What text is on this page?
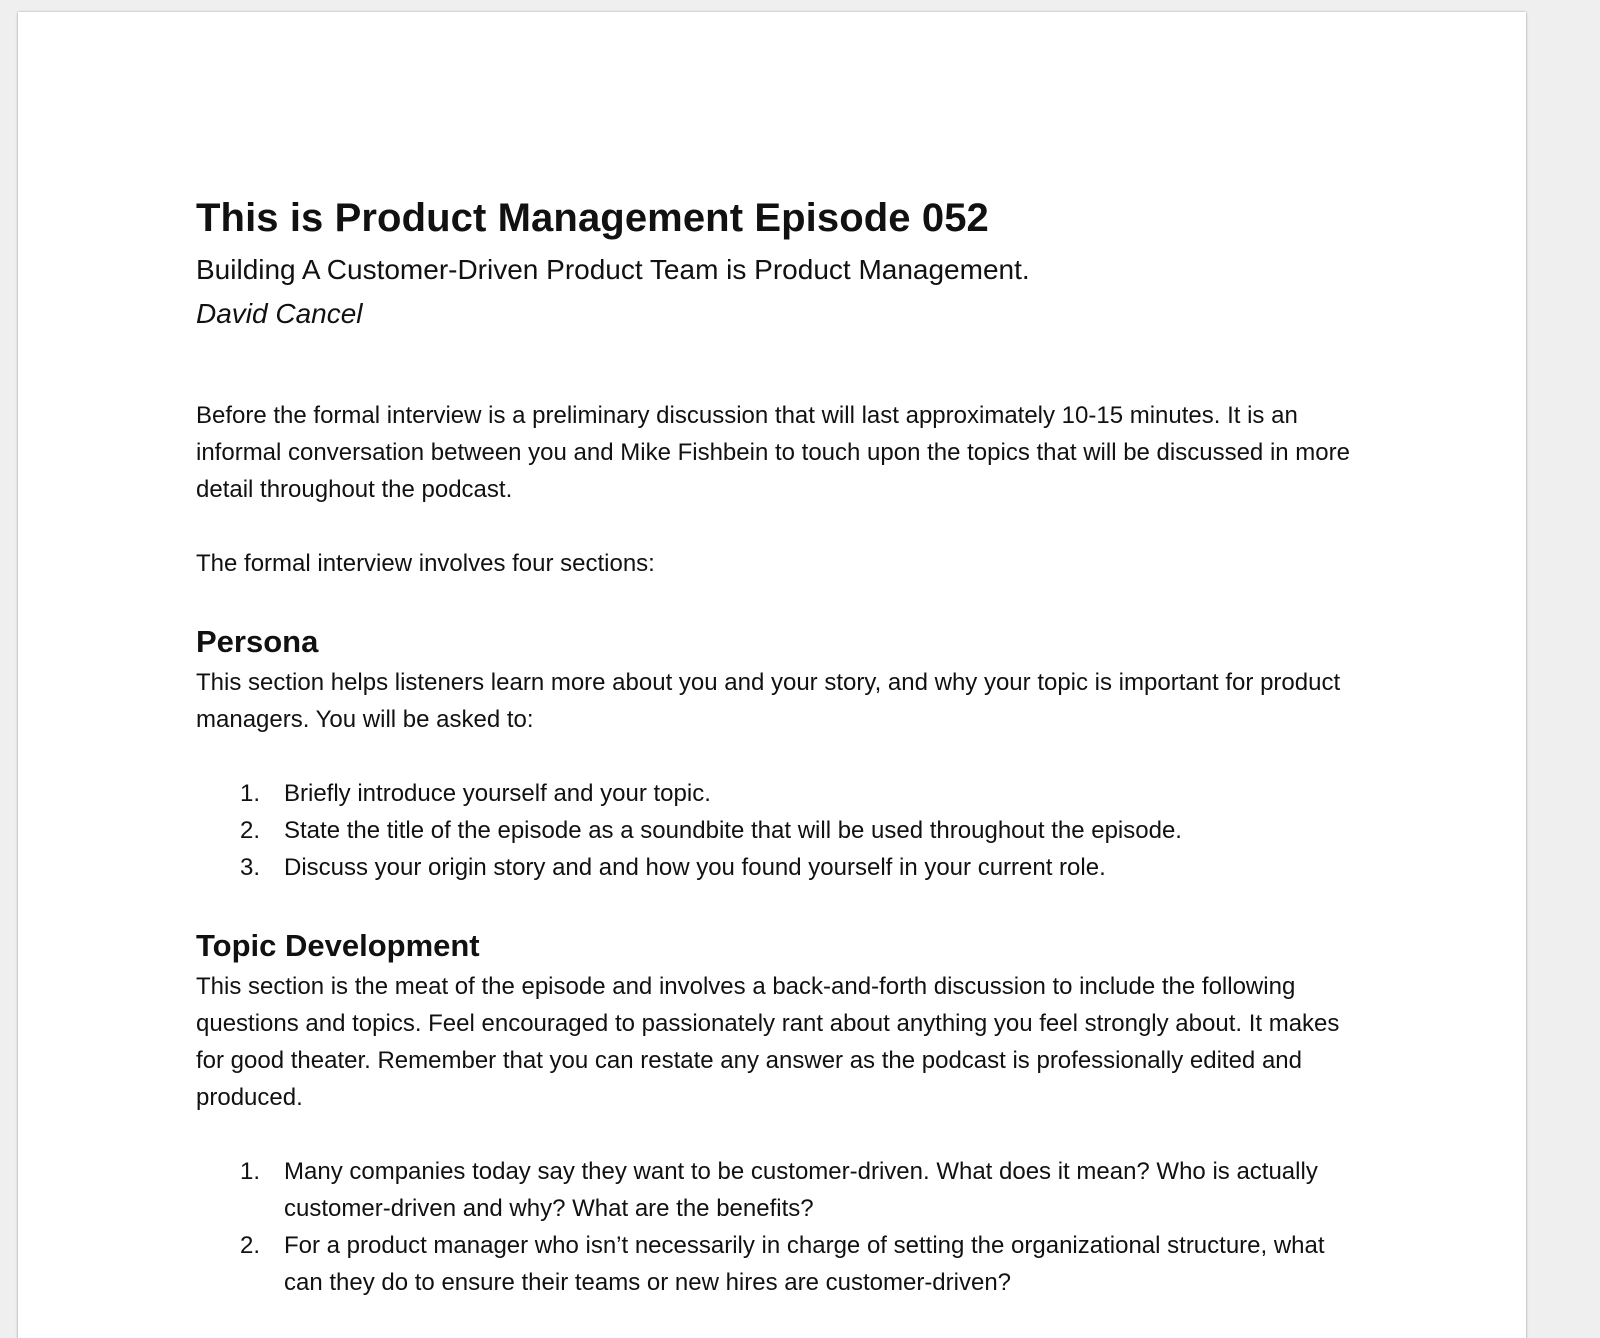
This is Product Management Episode 052
Building A Customer-Driven Product Team is Product Management.
David Cancel

Before the formal interview is a preliminary discussion that will last approximately 10-15 minutes. It is an informal conversation between you and Mike Fishbein to touch upon the topics that will be discussed in more detail throughout the podcast.

The formal interview involves four sections:

Persona

This section helps listeners learn more about you and your story, and why your topic is important for product managers. You will be asked to:

1. Briefly introduce yourself and your topic.
2. State the title of the episode as a soundbite that will be used throughout the episode.
3. Discuss your origin story and and how you found yourself in your current role.
Topic Development

This section is the meat of the episode and involves a back-and-forth discussion to include the following questions and topics. Feel encouraged to passionately rant about anything you feel strongly about. It makes for good theater. Remember that you can restate any answer as the podcast is professionally edited and produced.

1. Many companies today say they want to be customer-driven. What does it mean? Who is actually customer-driven and why? What are the benefits?
2. For a product manager who isn’t necessarily in charge of setting the organizational structure, what can they do to ensure their teams or new hires are customer-driven?
